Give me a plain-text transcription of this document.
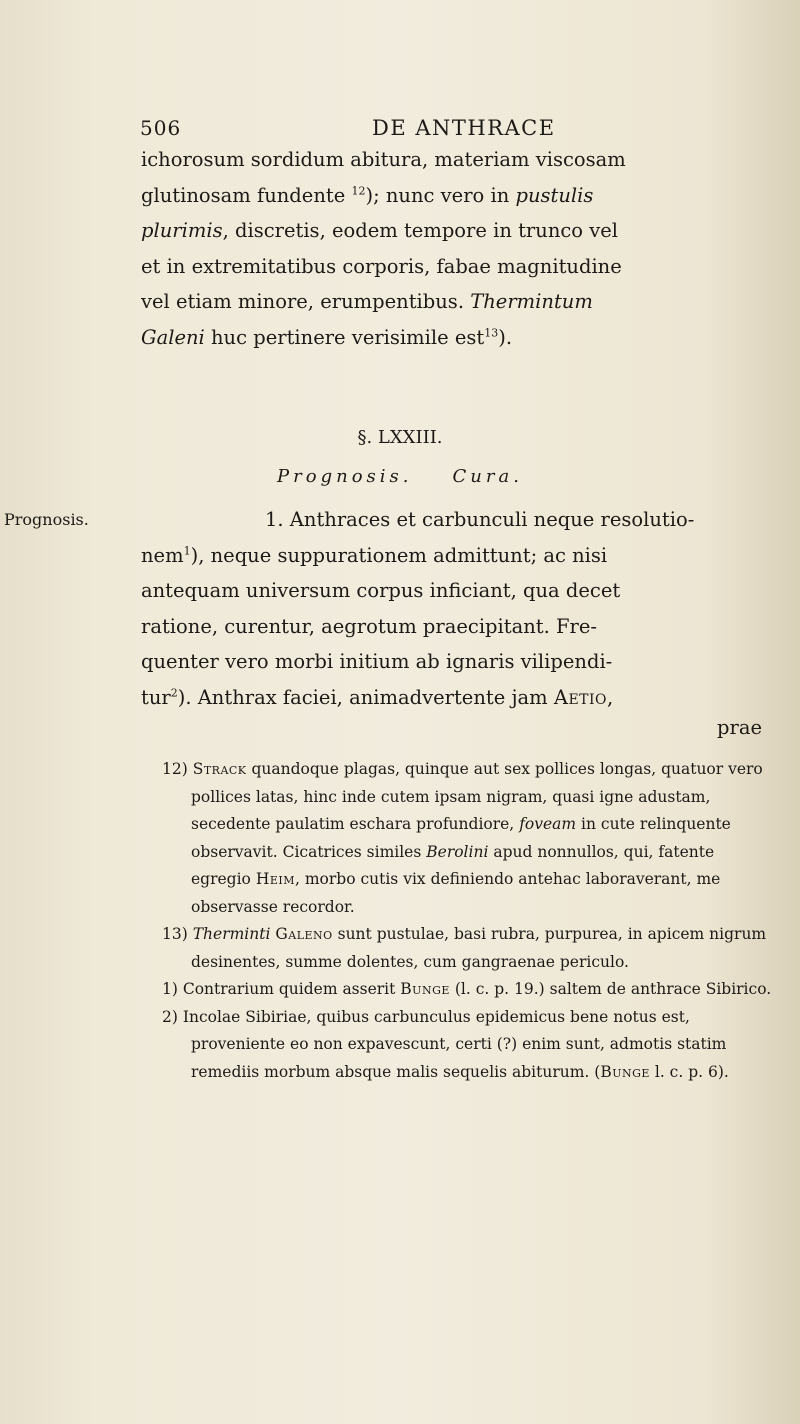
506	DE ANTHRACE

ichorosum sordidum abitura, materiam viscosam

glutinosam fundente $^{12}$); nunc vero in pustulis

plurimis, discretis, eodem tempore in trunco vel

et in extremitatibus corporis, fabae magnitudine

vel etiam minore, erumpentibus. Thermintum

Galeni huc pertinere verisimile est$^{13}$).

§. LXXIII.
Prognosis. Cura.
Prognosis.	1. Anthraces et carbunculi neque resolutio-

nem$^1$), neque suppurationem admittunt; ac nisi

antequam universum corpus inficiant, qua decet

ratione, curentur, aegrotum praecipitant. Fre-

quenter vero morbi initium ab ignaris vilipendi-

tur$^2$). Anthrax faciei, animadvertente jam Aetio,

prae

12) Strack quandoque plagas, quinque aut sex pollices longas, quatuor vero pollices latas, hinc inde cutem ipsam nigram, quasi igne adustam, secedente paulatim eschara profundiore, foveam in cute relinquente observavit. Cicatrices similes Berolini apud nonnullos, qui, fatente egregio Heim, morbo cutis vix definiendo antehac laboraverant, me observasse recordor.

13) Therminti Galeno sunt pustulae, basi rubra, purpurea, in apicem nigrum desinentes, summe dolentes, cum gangraenae periculo.

1) Contrarium quidem asserit Bunge (l. c. p. 19.) saltem de anthrace Sibirico.

2) Incolae Sibiriae, quibus carbunculus epidemicus bene notus est, proveniente eo non expavescunt, certi (?) enim sunt, admotis statim remediis morbum absque malis sequelis abiturum. (Bunge l. c. p. 6).
